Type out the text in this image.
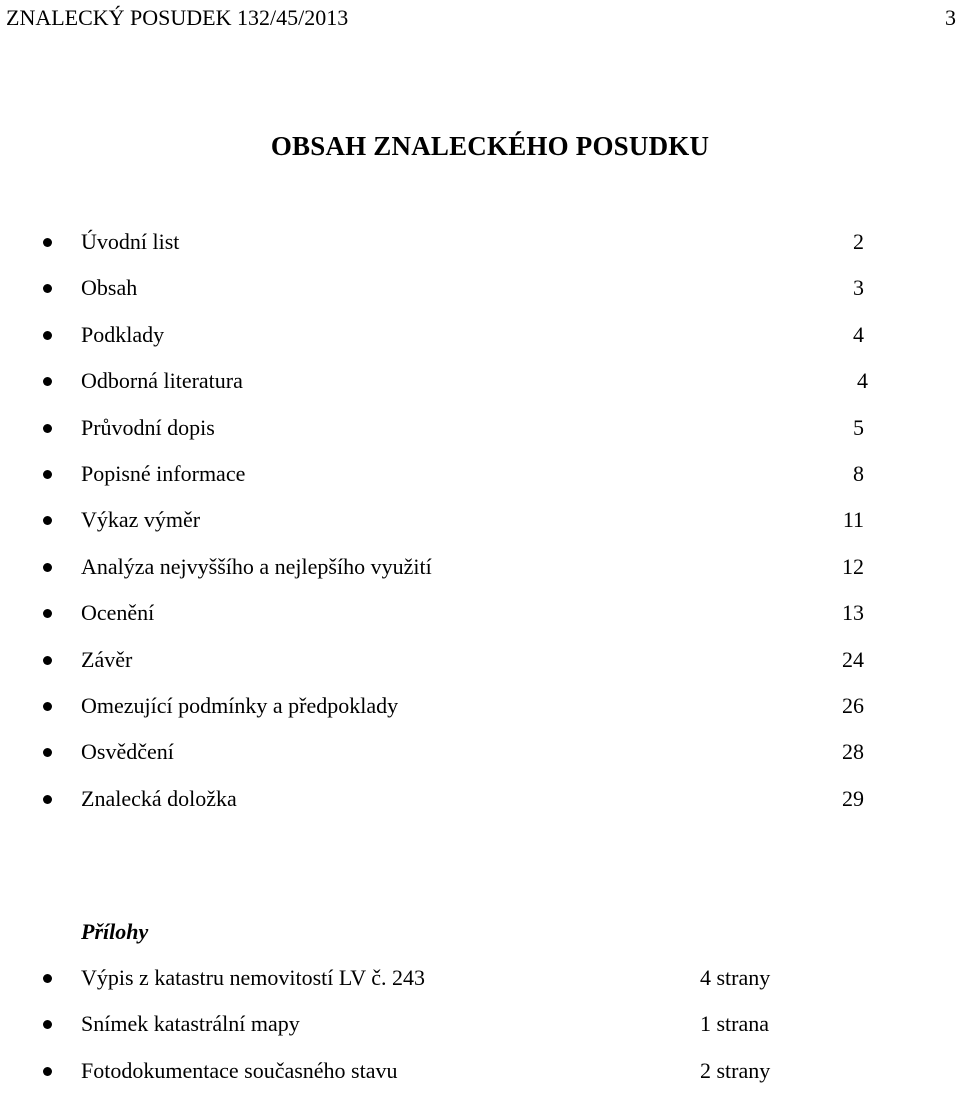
ZNALECKÝ POSUDEK 132/45/2013	3
OBSAH ZNALECKÉHO POSUDKU
Úvodní list	2
Obsah	3
Podklady	4
Odborná literatura	4
Průvodní dopis	5
Popisné informace	8
Výkaz výměr	11
Analýza nejvyššího a nejlepšího využití	12
Ocenění	13
Závěr	24
Omezující podmínky a předpoklady	26
Osvědčení	28
Znalecká doložka	29
Přílohy
Výpis z katastru nemovitostí LV č. 243	4 strany
Snímek katastrální mapy	1 strana
Fotodokumentace současného stavu	2 strany
